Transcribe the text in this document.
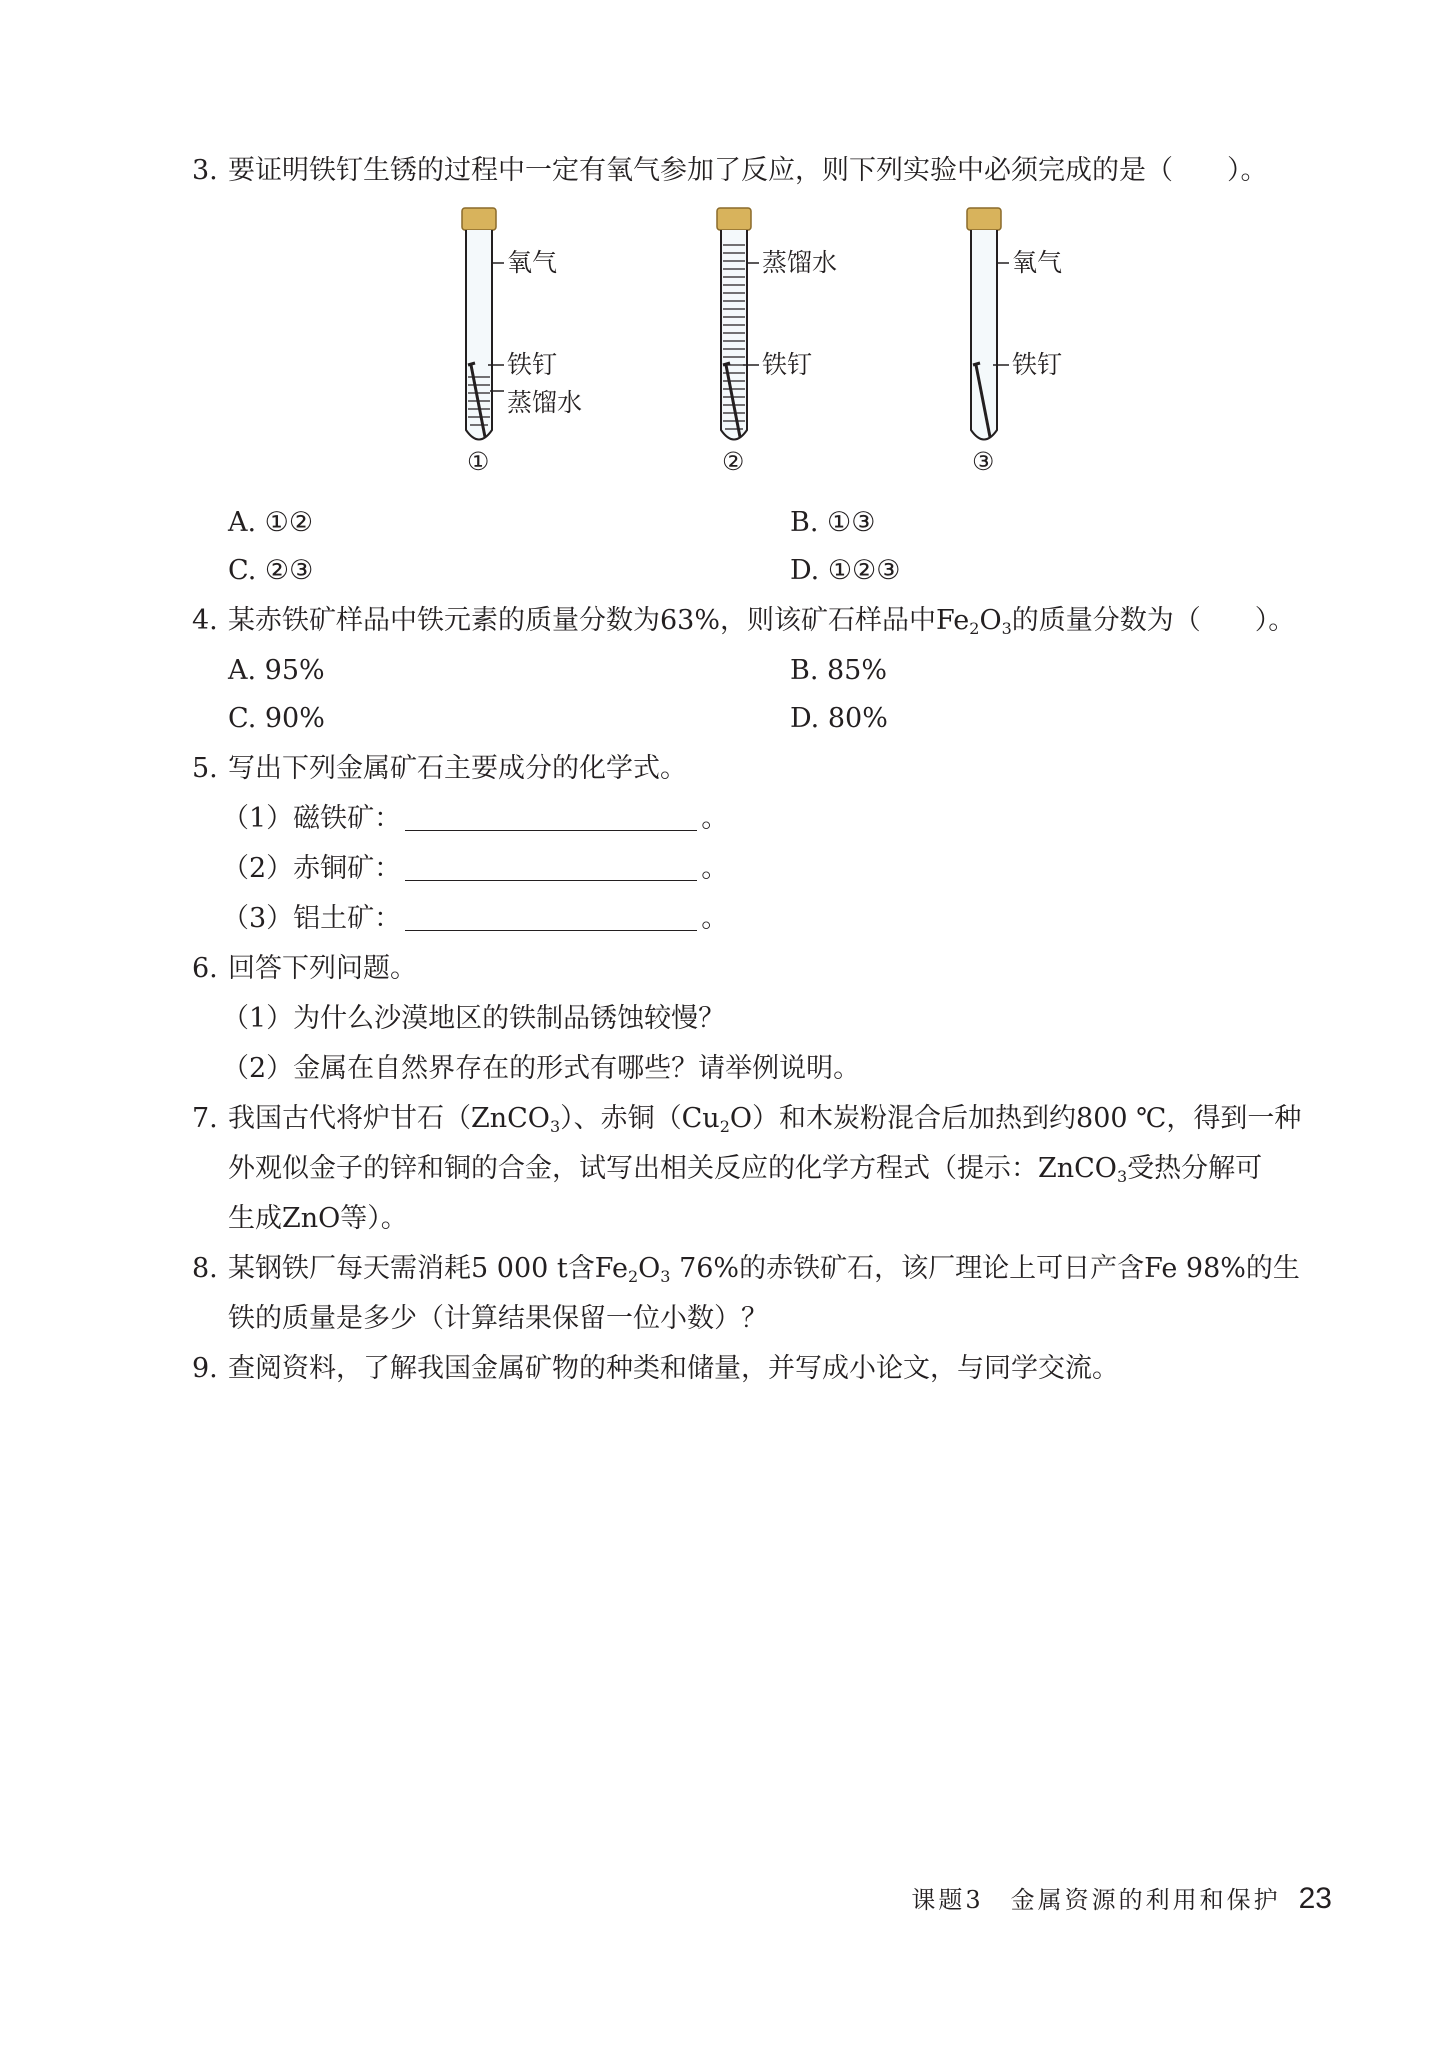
3. 要证明铁钉生锈的过程中一定有氧气参加了反应，则下列实验中必须完成的是（　　）。
氧气
铁钉
蒸馏水
①
蒸馏水
铁钉
②
氧气
铁钉
③
A. ①②	B. ①③
C. ②③	D. ①②③
4. 某赤铁矿样品中铁元素的质量分数为63%，则该矿石样品中$Fe_2O_3$的质量分数为（　　）。
A. 95%	B. 85%
C. 90%	D. 80%
5. 写出下列金属矿石主要成分的化学式。
（1）磁铁矿：	。
（2）赤铜矿：	。
（3）铝土矿：	。
6. 回答下列问题。
（1）为什么沙漠地区的铁制品锈蚀较慢？
（2）金属在自然界存在的形式有哪些？请举例说明。
7. 我国古代将炉甘石（ZnCO$_3$）、赤铜$(Cu_2O)$和木炭粉混合后加热到约800 ℃，得到一种
外观似金子的锌和铜的合金，试写出相关反应的化学方程式（提示：ZnCO$_3$受热分解可
生成ZnO等）。
8. 某钢铁厂每天需消耗5 000 t含$Fe_2O_3$ 76%的赤铁矿石，该厂理论上可日产含Fe 98%的生
铁的质量是多少（计算结果保留一位小数）？
9. 查阅资料，了解我国金属矿物的种类和储量，并写成小论文，与同学交流。
课题3　金属资源的利用和保护 23
